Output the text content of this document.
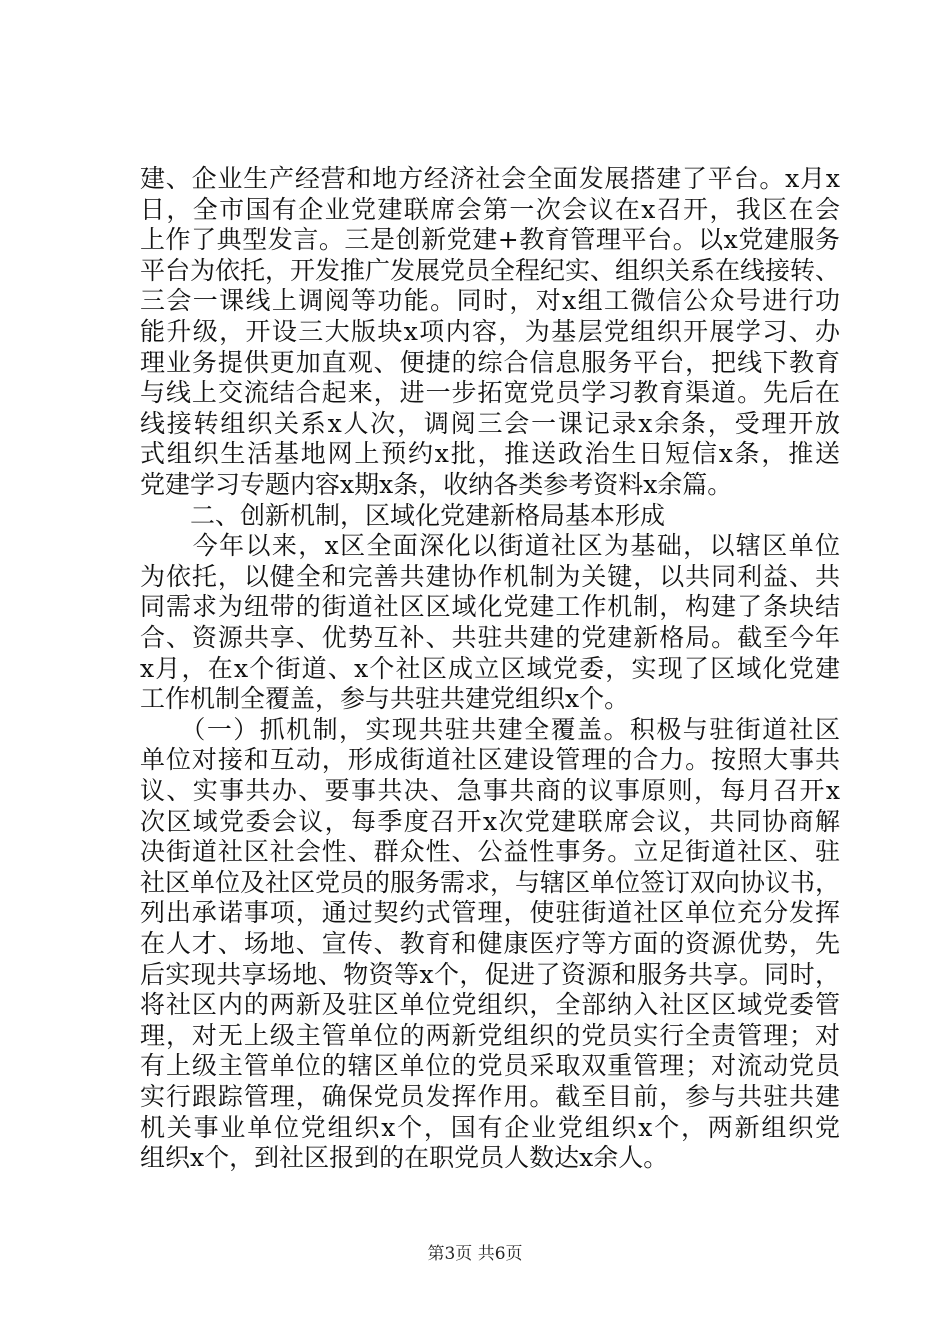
建、企业生产经营和地方经济社会全面发展搭建了平台。x月x
日，全市国有企业党建联席会第一次会议在x召开，我区在会
上作了典型发言。三是创新党建+教育管理平台。以x党建服务
平台为依托，开发推广发展党员全程纪实、组织关系在线接转、
三会一课线上调阅等功能。同时，对x组工微信公众号进行功
能升级，开设三大版块x项内容，为基层党组织开展学习、办
理业务提供更加直观、便捷的综合信息服务平台，把线下教育
与线上交流结合起来，进一步拓宽党员学习教育渠道。先后在
线接转组织关系x人次，调阅三会一课记录x余条，受理开放
式组织生活基地网上预约x批，推送政治生日短信x条，推送
党建学习专题内容x期x条，收纳各类参考资料x余篇。
　　二、创新机制，区域化党建新格局基本形成
　　今年以来，x区全面深化以街道社区为基础，以辖区单位
为依托，以健全和完善共建协作机制为关键，以共同利益、共
同需求为纽带的街道社区区域化党建工作机制，构建了条块结
合、资源共享、优势互补、共驻共建的党建新格局。截至今年
x月，在x个街道、x个社区成立区域党委，实现了区域化党建
工作机制全覆盖，参与共驻共建党组织x个。
　　（一）抓机制，实现共驻共建全覆盖。积极与驻街道社区
单位对接和互动，形成街道社区建设管理的合力。按照大事共
议、实事共办、要事共决、急事共商的议事原则，每月召开x
次区域党委会议，每季度召开x次党建联席会议，共同协商解
决街道社区社会性、群众性、公益性事务。立足街道社区、驻
社区单位及社区党员的服务需求，与辖区单位签订双向协议书，
列出承诺事项，通过契约式管理，使驻街道社区单位充分发挥
在人才、场地、宣传、教育和健康医疗等方面的资源优势，先
后实现共享场地、物资等x个，促进了资源和服务共享。同时，
将社区内的两新及驻区单位党组织，全部纳入社区区域党委管
理，对无上级主管单位的两新党组织的党员实行全责管理；对
有上级主管单位的辖区单位的党员采取双重管理；对流动党员
实行跟踪管理，确保党员发挥作用。截至目前，参与共驻共建
机关事业单位党组织x个，国有企业党组织x个，两新组织党
组织x个，到社区报到的在职党员人数达x余人。
第3页 共6页
